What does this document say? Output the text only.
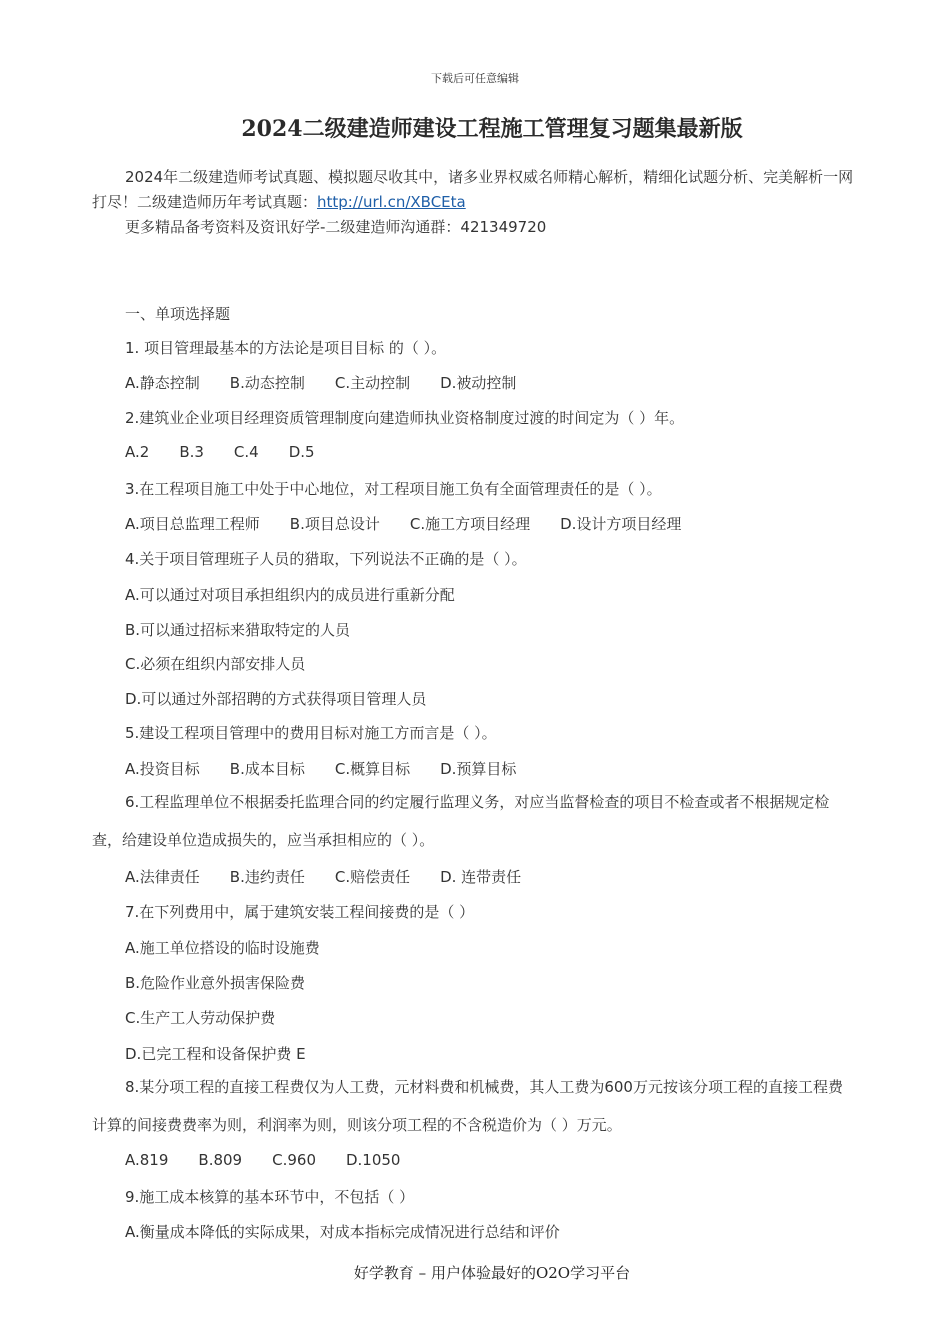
下载后可任意编辑
2024二级建造师建设工程施工管理复习题集最新版

2024年二级建造师考试真题、模拟题尽收其中，诸多业界权威名师精心解析，精细化试题分析、完美解析一网打尽！二级建造师历年考试真题：http://url.cn/XBCEta

更多精品备考资料及资讯好学-二级建造师沟通群：421349720

一、单项选择题
1. 项目管理最基本的方法论是项目目标 的（ ）。
A.静态控制 B.动态控制 C.主动控制 D.被动控制
2.建筑业企业项目经理资质管理制度向建造师执业资格制度过渡的时间定为（ ）年。
A.2 B.3 C.4 D.5
3.在工程项目施工中处于中心地位，对工程项目施工负有全面管理责任的是（ ）。
A.项目总监理工程师 B.项目总设计 C.施工方项目经理 D.设计方项目经理
4.关于项目管理班子人员的猎取，下列说法不正确的是（ ）。
A.可以通过对项目承担组织内的成员进行重新分配
B.可以通过招标来猎取特定的人员
C.必须在组织内部安排人员
D.可以通过外部招聘的方式获得项目管理人员
5.建设工程项目管理中的费用目标对施工方而言是（ ）。
A.投资目标 B.成本目标 C.概算目标 D.预算目标
6.工程监理单位不根据委托监理合同的约定履行监理义务，对应当监督检查的项目不检查或者不根据规定检查，给建设单位造成损失的，应当承担相应的（ ）。
A.法律责任 B.违约责任 C.赔偿责任 D. 连带责任
7.在下列费用中，属于建筑安装工程间接费的是（ ）
A.施工单位搭设的临时设施费
B.危险作业意外损害保险费
C.生产工人劳动保护费
D.已完工程和设备保护费 E
8.某分项工程的直接工程费仅为人工费，元材料费和机械费，其人工费为600万元按该分项工程的直接工程费计算的间接费费率为则，利润率为则，则该分项工程的不含税造价为（ ）万元。
A.819 B.809 C.960 D.1050
9.施工成本核算的基本环节中，不包括（ ）
A.衡量成本降低的实际成果，对成本指标完成情况进行总结和评价
好学教育 – 用户体验最好的O2O学习平台
